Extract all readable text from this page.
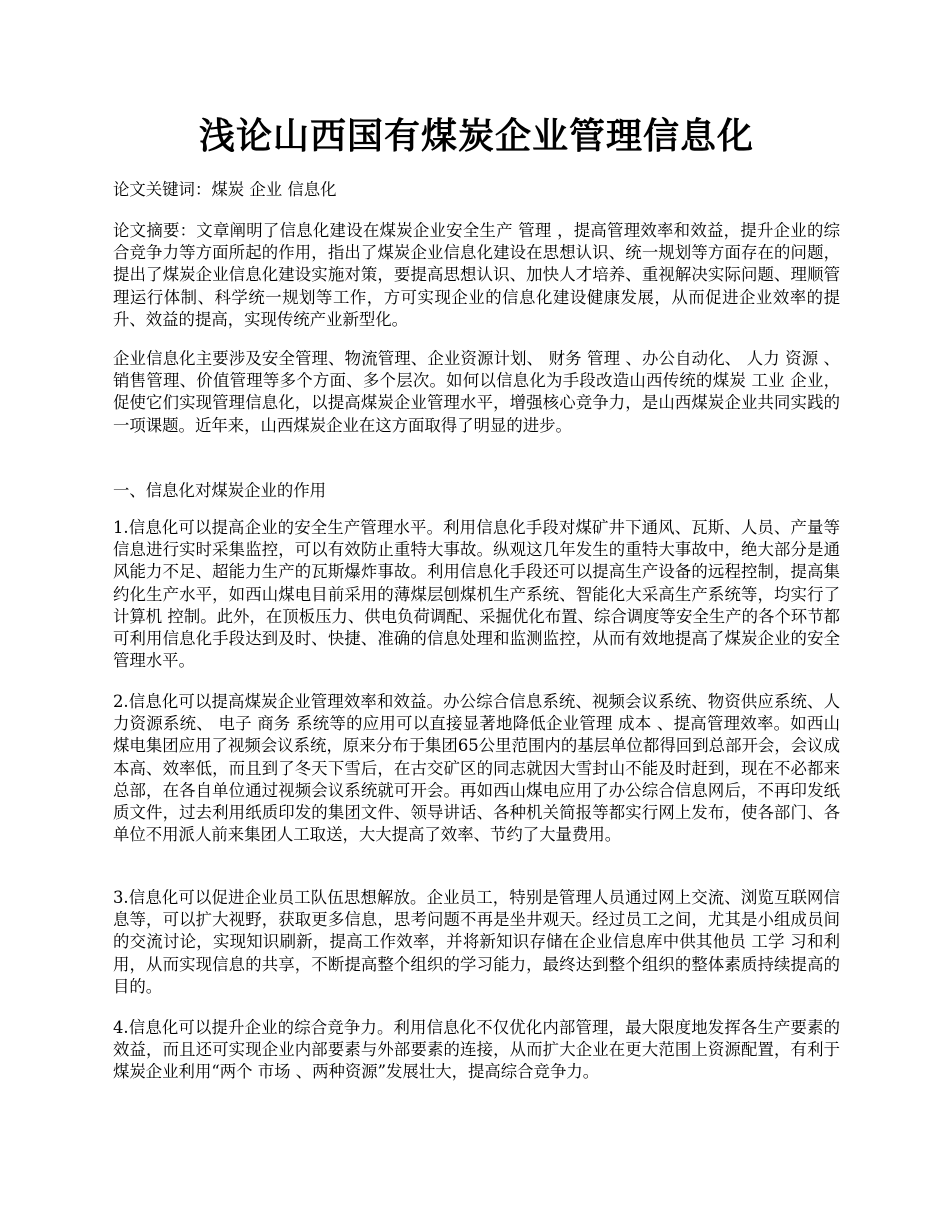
浅论山西国有煤炭企业管理信息化

论文关键词：煤炭 企业 信息化

论文摘要：文章阐明了信息化建设在煤炭企业安全生产 管理 ，提高管理效率和效益，提升企业的综合竞争力等方面所起的作用，指出了煤炭企业信息化建设在思想认识、统一规划等方面存在的问题，提出了煤炭企业信息化建设实施对策，要提高思想认识、加快人才培养、重视解决实际问题、理顺管理运行体制、科学统一规划等工作，方可实现企业的信息化建设健康发展，从而促进企业效率的提升、效益的提高，实现传统产业新型化。

企业信息化主要涉及安全管理、物流管理、企业资源计划、 财务 管理 、办公自动化、 人力 资源 、销售管理、价值管理等多个方面、多个层次。如何以信息化为手段改造山西传统的煤炭 工业 企业，促使它们实现管理信息化，以提高煤炭企业管理水平，增强核心竞争力，是山西煤炭企业共同实践的一项课题。近年来，山西煤炭企业在这方面取得了明显的进步。

一、信息化对煤炭企业的作用

1.信息化可以提高企业的安全生产管理水平。利用信息化手段对煤矿井下通风、瓦斯、人员、产量等信息进行实时采集监控，可以有效防止重特大事故。纵观这几年发生的重特大事故中，绝大部分是通风能力不足、超能力生产的瓦斯爆炸事故。利用信息化手段还可以提高生产设备的远程控制，提高集约化生产水平，如西山煤电目前采用的薄煤层刨煤机生产系统、智能化大采高生产系统等，均实行了 计算机 控制。此外，在顶板压力、供电负荷调配、采掘优化布置、综合调度等安全生产的各个环节都可利用信息化手段达到及时、快捷、准确的信息处理和监测监控，从而有效地提高了煤炭企业的安全管理水平。

2.信息化可以提高煤炭企业管理效率和效益。办公综合信息系统、视频会议系统、物资供应系统、人力资源系统、 电子 商务 系统等的应用可以直接显著地降低企业管理 成本 、提高管理效率。如西山煤电集团应用了视频会议系统，原来分布于集团65公里范围内的基层单位都得回到总部开会，会议成本高、效率低，而且到了冬天下雪后，在古交矿区的同志就因大雪封山不能及时赶到，现在不必都来总部，在各自单位通过视频会议系统就可开会。再如西山煤电应用了办公综合信息网后，不再印发纸质文件，过去利用纸质印发的集团文件、领导讲话、各种机关简报等都实行网上发布，使各部门、各单位不用派人前来集团人工取送，大大提高了效率、节约了大量费用。

3.信息化可以促进企业员工队伍思想解放。企业员工，特别是管理人员通过网上交流、浏览互联网信息等，可以扩大视野，获取更多信息，思考问题不再是坐井观天。经过员工之间，尤其是小组成员间的交流讨论，实现知识刷新，提高工作效率，并将新知识存储在企业信息库中供其他员 工学 习和利用，从而实现信息的共享，不断提高整个组织的学习能力，最终达到整个组织的整体素质持续提高的目的。

4.信息化可以提升企业的综合竞争力。利用信息化不仅优化内部管理，最大限度地发挥各生产要素的效益，而且还可实现企业内部要素与外部要素的连接，从而扩大企业在更大范围上资源配置，有利于煤炭企业利用“两个 市场 、两种资源”发展壮大，提高综合竞争力。
